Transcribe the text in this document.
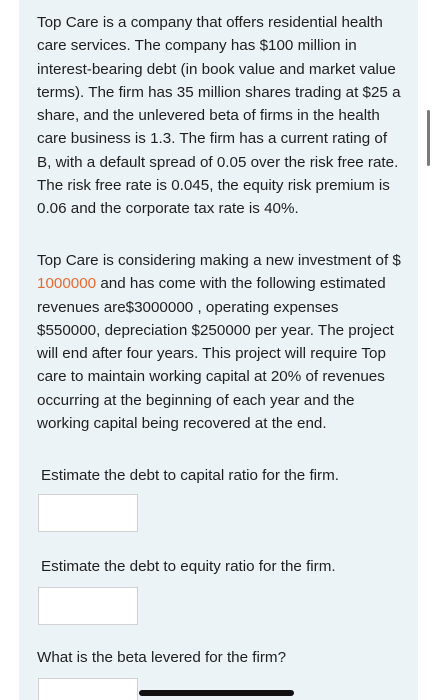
Top Care is a company that offers residential health care services. The company has $100 million in interest-bearing debt (in book value and market value terms). The firm has 35 million shares trading at $25 a share, and the unlevered beta of firms in the health care business is 1.3. The firm has a current rating of B, with a default spread of 0.05 over the risk free rate. The risk free rate is 0.045, the equity risk premium is 0.06 and the corporate tax rate is 40%.

Top Care is considering making a new investment of $ 1000000 and has come with the following estimated revenues are$3000000 , operating expenses $550000, depreciation $250000 per year. The project will end after four years. This project will require Top care to maintain working capital at 20% of revenues occurring at the beginning of each year and the working capital being recovered at the end.

Estimate the debt to capital ratio for the firm.

Estimate the debt to equity ratio for the firm.

What is the beta levered for the firm?
